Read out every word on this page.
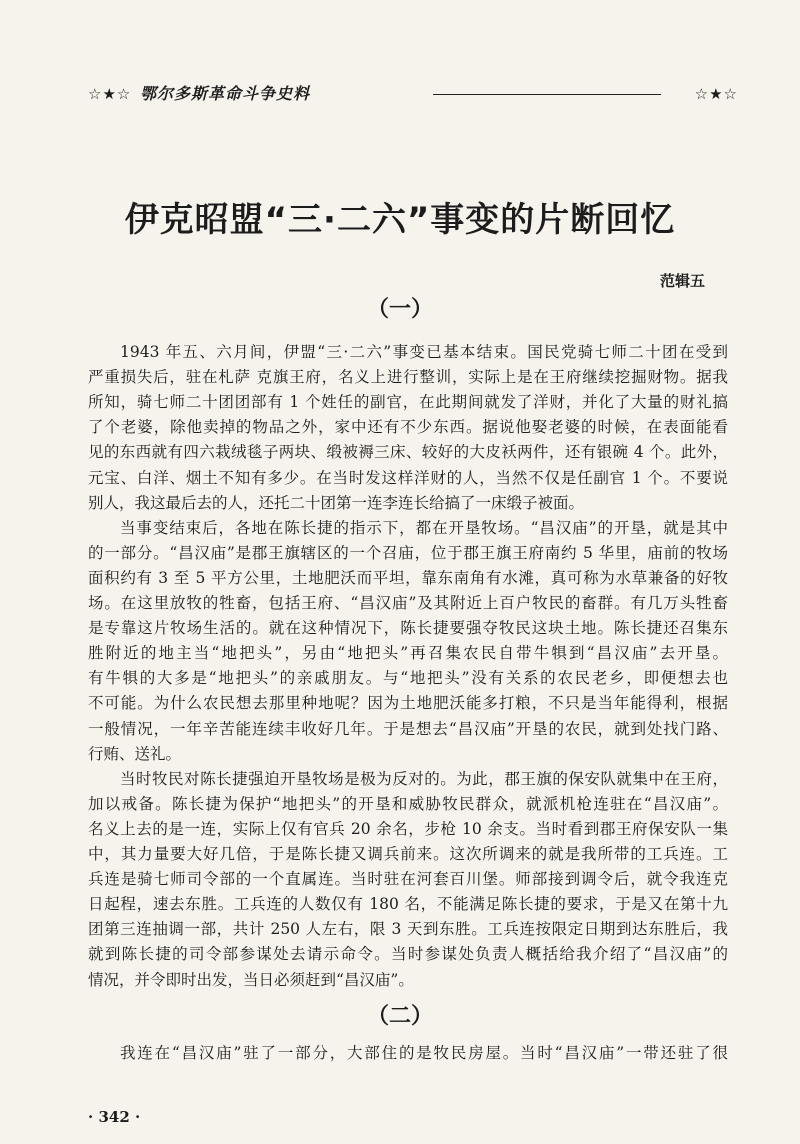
☆★☆ 鄂尔多斯革命斗争史料	☆★☆
伊克昭盟“三·二六”事变的片断回忆
范辑五
（一）
1943 年五、六月间，伊盟“三·二六”事变已基本结束。国民党骑七师二十团在受到
严重损失后，驻在札萨 克旗王府，名义上进行整训，实际上是在王府继续挖掘财物。据我
所知，骑七师二十团团部有 1 个姓任的副官，在此期间就发了洋财，并化了大量的财礼搞
了个老婆，除他卖掉的物品之外，家中还有不少东西。据说他娶老婆的时候，在表面能看
见的东西就有四六栽绒毯子两块、缎被褥三床、较好的大皮袄两件，还有银碗 4 个。此外，
元宝、白洋、烟土不知有多少。在当时发这样洋财的人，当然不仅是任副官 1 个。不要说
别人，我这最后去的人，还托二十团第一连李连长给搞了一床缎子被面。
当事变结束后，各地在陈长捷的指示下，都在开垦牧场。“昌汉庙”的开垦，就是其中
的一部分。“昌汉庙”是郡王旗辖区的一个召庙，位于郡王旗王府南约 5 华里，庙前的牧场
面积约有 3 至 5 平方公里，土地肥沃而平坦，靠东南角有水滩，真可称为水草兼备的好牧
场。在这里放牧的牲畜，包括王府、“昌汉庙”及其附近上百户牧民的畜群。有几万头牲畜
是专靠这片牧场生活的。就在这种情况下，陈长捷要强夺牧民这块土地。陈长捷还召集东
胜附近的地主当“地把头”，另由“地把头”再召集农民自带牛犋到“昌汉庙”去开垦。
有牛犋的大多是“地把头”的亲戚朋友。与“地把头”没有关系的农民老乡，即便想去也
不可能。为什么农民想去那里种地呢？因为土地肥沃能多打粮，不只是当年能得利，根据
一般情况，一年辛苦能连续丰收好几年。于是想去“昌汉庙”开垦的农民，就到处找门路、
行贿、送礼。
当时牧民对陈长捷强迫开垦牧场是极为反对的。为此，郡王旗的保安队就集中在王府，
加以戒备。陈长捷为保护“地把头”的开垦和威胁牧民群众，就派机枪连驻在“昌汉庙”。
名义上去的是一连，实际上仅有官兵 20 余名，步枪 10 余支。当时看到郡王府保安队一集
中，其力量要大好几倍，于是陈长捷又调兵前来。这次所调来的就是我所带的工兵连。工
兵连是骑七师司令部的一个直属连。当时驻在河套百川堡。师部接到调令后，就令我连克
日起程，速去东胜。工兵连的人数仅有 180 名，不能满足陈长捷的要求，于是又在第十九
团第三连抽调一部，共计 250 人左右，限 3 天到东胜。工兵连按限定日期到达东胜后，我
就到陈长捷的司令部参谋处去请示命令。当时参谋处负责人概括给我介绍了“昌汉庙”的
情况，并令即时出发，当日必须赶到“昌汉庙”。
（二）
我连在“昌汉庙”驻了一部分，大部住的是牧民房屋。当时“昌汉庙”一带还驻了很
· 342 ·
